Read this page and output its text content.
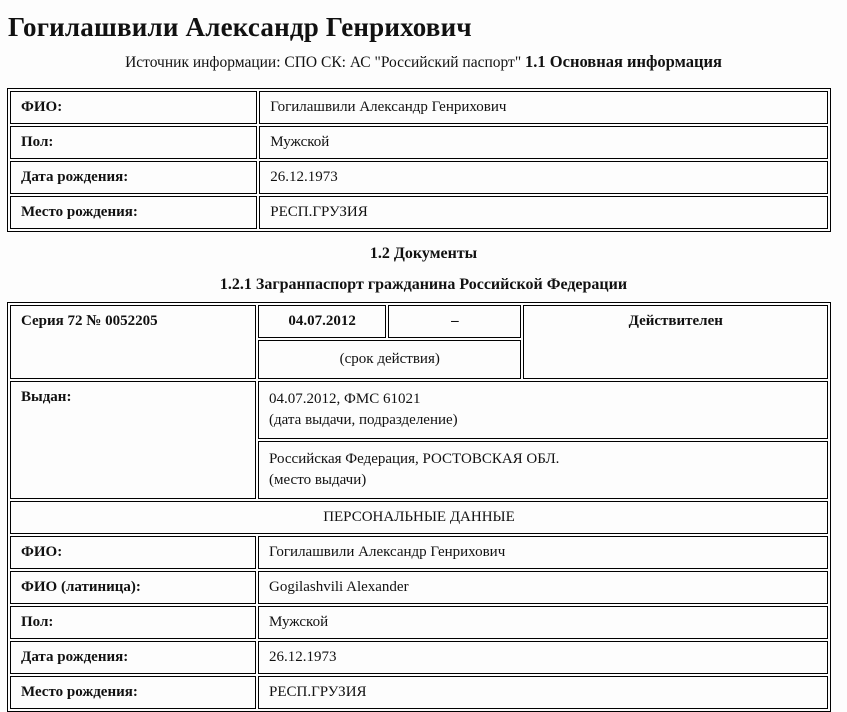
Гогилашвили Александр Генрихович
Источник информации: СПО СК: АС "Российский паспорт" 1.1 Основная информация
ФИО:	Гогилашвили Александр Генрихович
Пол:	Мужской
Дата рождения:	26.12.1973
Место рождения:	РЕСП.ГРУЗИЯ
1.2 Документы
1.2.1 Загранпаспорт гражданина Российской Федерации
Серия 72 № 0052205	04.07.2012	–	Действителен
	(срок действия)		
Выдан:	04.07.2012, ФМС 61021
(дата выдачи, подразделение)		

	Российская Федерация, РОСТОВСКАЯ ОБЛ.
(место выдачи)		

ПЕРСОНАЛЬНЫЕ ДАННЫЕ			
ФИО:	Гогилашвили Александр Генрихович		
ФИО (латиница):	Gogilashvili Alexander		
Пол:	Мужской		
Дата рождения:	26.12.1973		
Место рождения:	РЕСП.ГРУЗИЯ		
